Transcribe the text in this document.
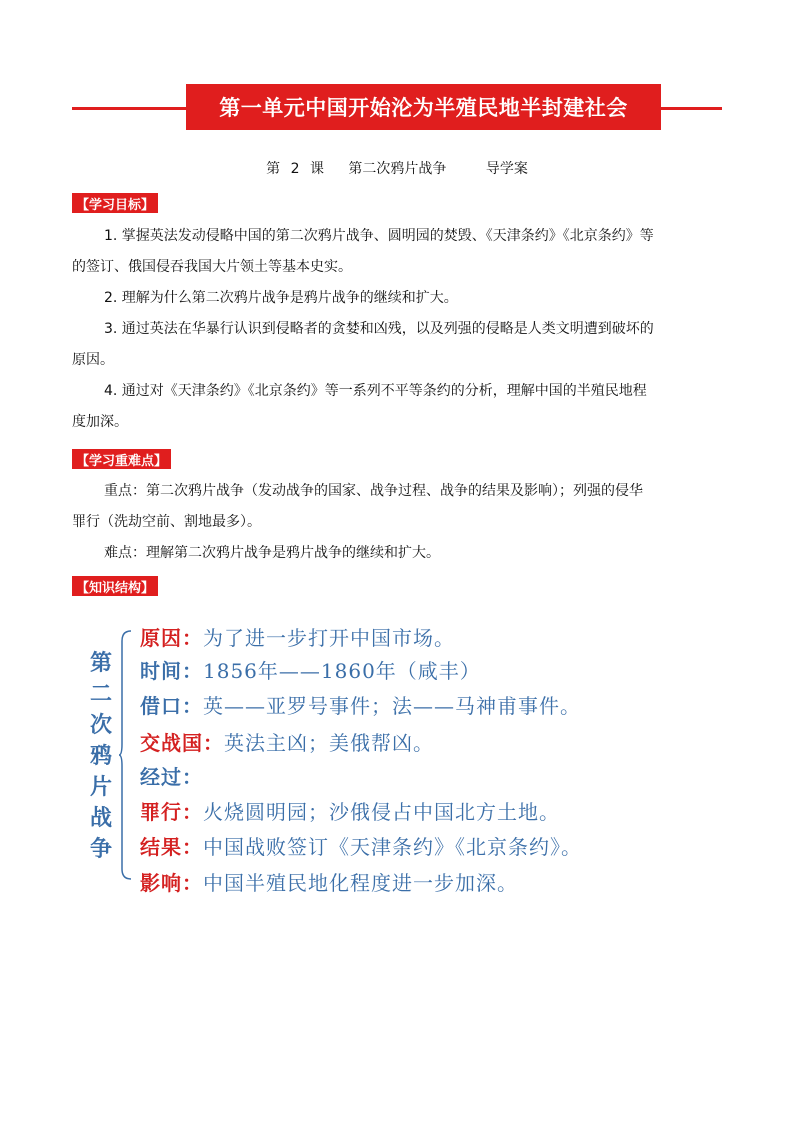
第一单元中国开始沦为半殖民地半封建社会
第 2 课 第二次鸦片战争	导学案
【学习目标】
1. 掌握英法发动侵略中国的第二次鸦片战争、圆明园的焚毁、《天津条约》《北京条约》等
的签订、俄国侵吞我国大片领土等基本史实。
2. 理解为什么第二次鸦片战争是鸦片战争的继续和扩大。
3. 通过英法在华暴行认识到侵略者的贪婪和凶残，以及列强的侵略是人类文明遭到破坏的
原因。
4. 通过对《天津条约》《北京条约》等一系列不平等条约的分析，理解中国的半殖民地程
度加深。
【学习重难点】
重点：第二次鸦片战争（发动战争的国家、战争过程、战争的结果及影响）；列强的侵华
罪行（洗劫空前、割地最多）。
难点：理解第二次鸦片战争是鸦片战争的继续和扩大。
【知识结构】
第
二
次
鸦
片
战
争
原因：为了进一步打开中国市场。
时间：1856年——1860年（咸丰）
借口：英——亚罗号事件；法——马神甫事件。
交战国：英法主凶；美俄帮凶。
经过：
罪行：火烧圆明园；沙俄侵占中国北方土地。
结果：中国战败签订《天津条约》《北京条约》。
影响：中国半殖民地化程度进一步加深。
